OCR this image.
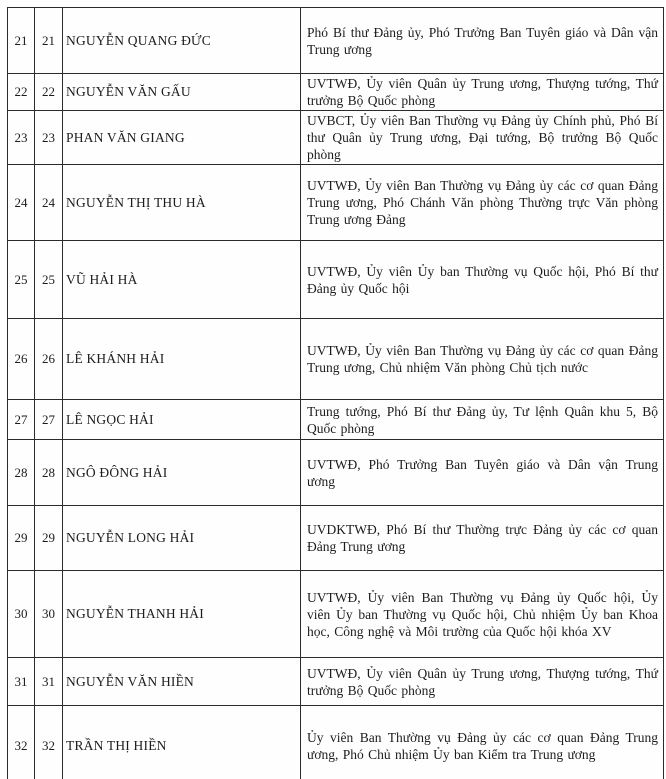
21	21	NGUYỄN QUANG ĐỨC	Phó Bí thư Đảng ủy, Phó Trưởng Ban Tuyên giáo và Dân vận Trung ương
22	22	NGUYỄN VĂN GẤU	UVTWĐ, Ủy viên Quân ủy Trung ương, Thượng tướng, Thứ trưởng Bộ Quốc phòng
23	23	PHAN VĂN GIANG	UVBCT, Ủy viên Ban Thường vụ Đảng ủy Chính phủ, Phó Bí thư Quân ủy Trung ương, Đại tướng, Bộ trưởng Bộ Quốc phòng
24	24	NGUYỄN THỊ THU HÀ	UVTWĐ, Ủy viên Ban Thường vụ Đảng ủy các cơ quan Đảng Trung ương, Phó Chánh Văn phòng Thường trực Văn phòng Trung ương Đảng
25	25	VŨ HẢI HÀ	UVTWĐ, Ủy viên Ủy ban Thường vụ Quốc hội, Phó Bí thư Đảng ủy Quốc hội
26	26	LÊ KHÁNH HẢI	UVTWĐ, Ủy viên Ban Thường vụ Đảng ủy các cơ quan Đảng Trung ương, Chủ nhiệm Văn phòng Chủ tịch nước
27	27	LÊ NGỌC HẢI	Trung tướng, Phó Bí thư Đảng ủy, Tư lệnh Quân khu 5, Bộ Quốc phòng
28	28	NGÔ ĐÔNG HẢI	UVTWĐ, Phó Trưởng Ban Tuyên giáo và Dân vận Trung ương
29	29	NGUYỄN LONG HẢI	UVDKTWĐ, Phó Bí thư Thường trực Đảng ủy các cơ quan Đảng Trung ương
30	30	NGUYỄN THANH HẢI	UVTWĐ, Ủy viên Ban Thường vụ Đảng ủy Quốc hội, Ủy viên Ủy ban Thường vụ Quốc hội, Chủ nhiệm Ủy ban Khoa học, Công nghệ và Môi trường của Quốc hội khóa XV
31	31	NGUYỄN VĂN HIỀN	UVTWĐ, Ủy viên Quân ủy Trung ương, Thượng tướng, Thứ trưởng Bộ Quốc phòng
32	32	TRẦN THỊ HIỀN	Ủy viên Ban Thường vụ Đảng ủy các cơ quan Đảng Trung ương, Phó Chủ nhiệm Ủy ban Kiểm tra Trung ương
